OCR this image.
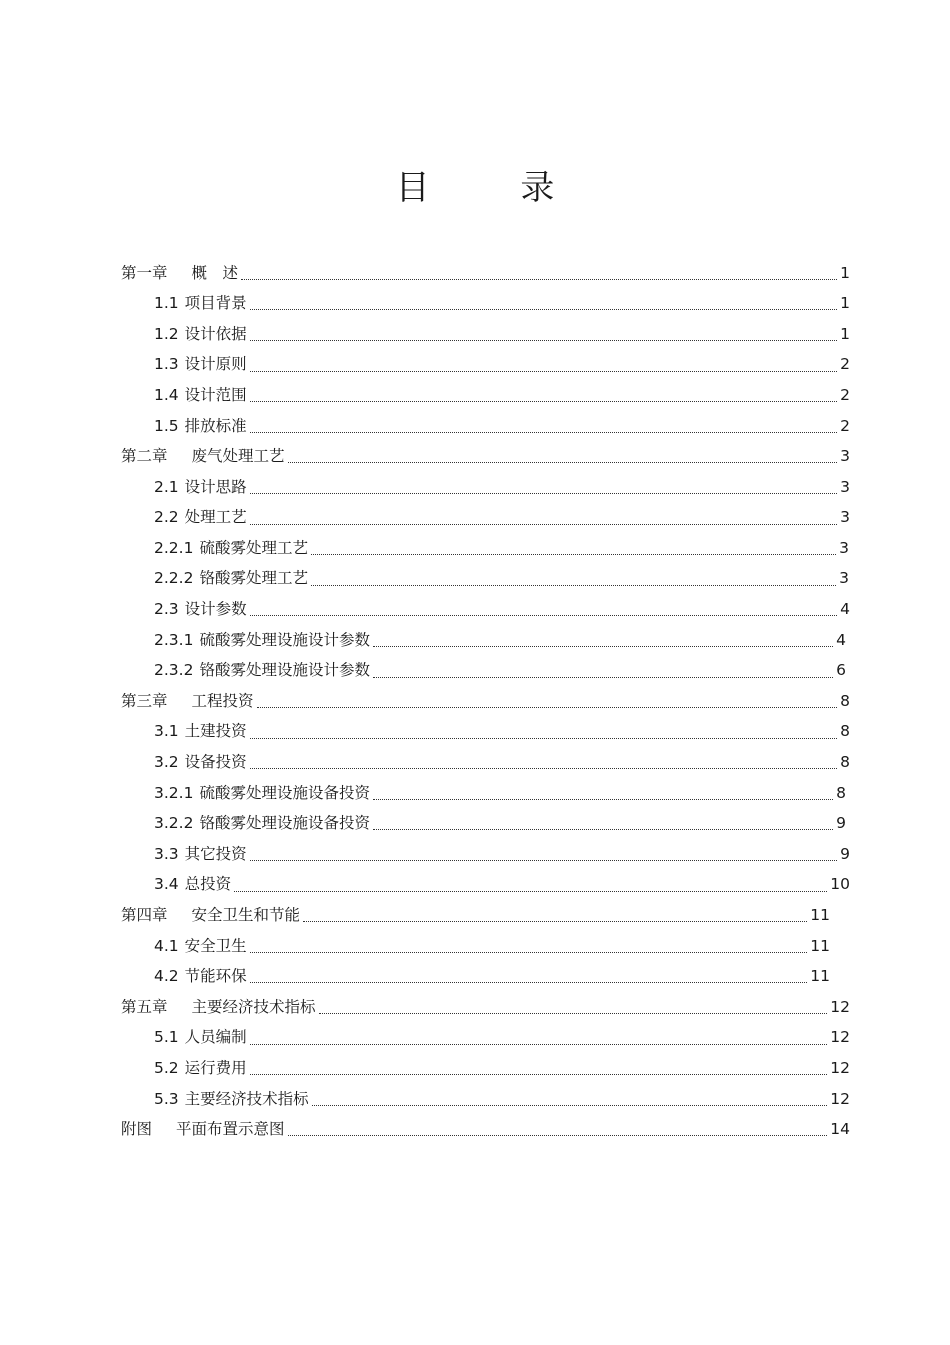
目 录
第一章 概　述	1
1.1 项目背景	1
1.2 设计依据	1
1.3 设计原则	2
1.4 设计范围	2
1.5 排放标准	2
第二章 废气处理工艺	3
2.1 设计思路	3
2.2 处理工艺	3
2.2.1 硫酸雾处理工艺	3
2.2.2 铬酸雾处理工艺	3
2.3 设计参数	4
2.3.1 硫酸雾处理设施设计参数	4
2.3.2 铬酸雾处理设施设计参数	6
第三章 工程投资	8
3.1 土建投资	8
3.2 设备投资	8
3.2.1 硫酸雾处理设施设备投资	8
3.2.2 铬酸雾处理设施设备投资	9
3.3 其它投资	9
3.4 总投资	10
第四章 安全卫生和节能	11
4.1 安全卫生	11
4.2 节能环保	11
第五章 主要经济技术指标	12
5.1 人员编制	12
5.2 运行费用	12
5.3 主要经济技术指标	12
附图 平面布置示意图	14
